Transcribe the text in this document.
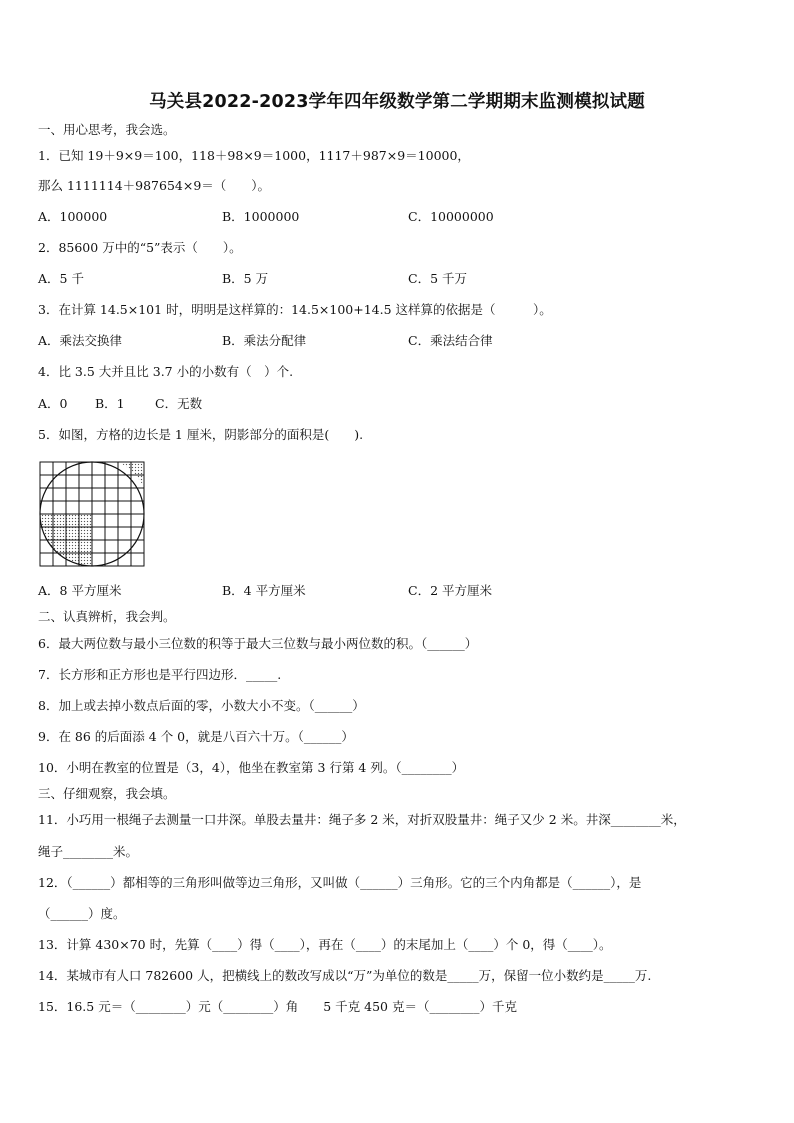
马关县2022-2023学年四年级数学第二学期期末监测模拟试题
一、用心思考，我会选。
1．已知 19＋9×9＝100，118＋98×9＝1000，1117＋987×9＝10000，
那么 1111114＋987654×9＝（　　）。
A．100000	B．1000000	C．10000000
2．85600 万中的“5”表示（　　）。
A．5 千	B．5 万	C．5 千万
3．在计算 14.5×101 时，明明是这样算的：14.5×100+14.5 这样算的依据是（　　　）。
A．乘法交换律	B．乘法分配律	C．乘法结合律
4．比 3.5 大并且比 3.7 小的小数有（　）个.
A．0 B．1 C．无数
5．如图，方格的边长是 1 厘米，阴影部分的面积是(　　).
A．8 平方厘米	B．4 平方厘米	C．2 平方厘米
二、认真辨析，我会判。
6．最大两位数与最小三位数的积等于最大三位数与最小两位数的积。（______）
7．长方形和正方形也是平行四边形．_____.
8．加上或去掉小数点后面的零，小数大小不变。（______）
9．在 86 的后面添 4 个 0，就是八百六十万。（______）
10．小明在教室的位置是（3，4），他坐在教室第 3 行第 4 列。（________）
三、仔细观察，我会填。
11．小巧用一根绳子去测量一口井深。单股去量井：绳子多 2 米，对折双股量井：绳子又少 2 米。井深________米，
绳子________米。
12．（______）都相等的三角形叫做等边三角形，又叫做（______）三角形。它的三个内角都是（______），是
（______）度。
13．计算 430×70 时，先算（____）得（____），再在（____）的末尾加上（____）个 0，得（____）。
14．某城市有人口 782600 人，把横线上的数改写成以“万”为单位的数是_____万，保留一位小数约是_____万.
15．16.5 元＝（________）元（________）角　　5 千克 450 克＝（________）千克
